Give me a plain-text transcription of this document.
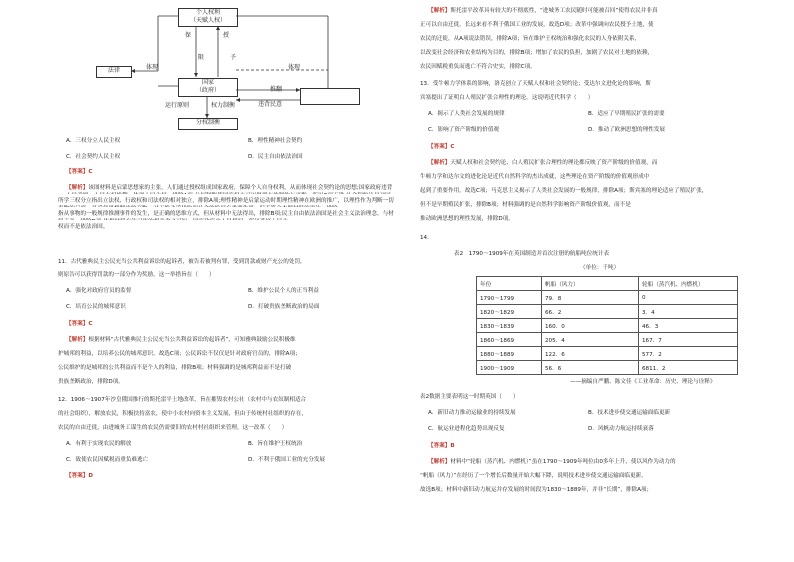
个人权利
（天赋人权）
保	授
限	予
法律	体现	体现
国家
（政府）	推翻
运行原则	权力制衡	违背民意
分权制衡
A．三权分立人民主权	B．理性精神社会契约
C．社会契约人民主权	D．民主自由依法治国
【答案】C
【解析】该图材料是启蒙思想家的主张，人们通过授权组成国家政府，保障个人自身权利，从而体现社会契约论的思想;国家政府违背
所学三权分立指出立法权、行政权和司法权的相对独立，排除A项;理性精神是启蒙运动时期理性精神在欧洲的推广，以理性作为判断一切
指从事物的一般规律推测事件的发生，是正确的思维方式，但从材料中无法得出，排除B项;民主自由依法治国是社会主义法治理念，与材
权而不是依法治国。
11．古代雅典民主公民充当公共利益诉讼的起诉者，被告若被判有罪，受到罚款或财产充公的处罚，
则原告可以获得罚款的一部分作为奖励，这一举措旨在（　　）
A．强化对政府官员的监督	B．维护公民个人的正当利益
C．培育公民的城邦意识	D．打破贵族垄断政治的局面
【答案】C
【解析】根据材料“古代雅典民主公民充当公共利益诉讼的起诉者”，可知雅典鼓励公民积极维
护城邦的利益，以培养公民的城邦意识，故选C项；公民诉讼不仅仅是针对政府官员的，排除A项；
公民维护的是城邦的公共利益而不是个人的利益，排除B项；材料强调的是城邦利益而不是打破
贵族垄断政治，排除D项。
12．1906～1907年沙皇俄国推行的斯托雷平土地改革，旨在摧毁农村公社（农村中与农奴制相适合
的社会组织），解放农民，积极扶持富农，使中小农村向资本主义发展，但由于传统村社组织的存在，
农民的自由迁徙，由进城务工谋生的农民仍需要旧的农村村社组织来管理，这一改革（　　）
A．有利于实现农民的解放	B．旨在维护王权统治
C．致使农民因赋税而重负难逃亡	D．不利于俄国工业的充分发展
【答案】D
【解析】斯托雷平改革具有较大的不彻底性，“进城务工农民随时可能被召回”使得农民并非真
正可以自由迁徙，长远来看不利于俄国工业的发展，故选D项；改革中强调向农民授予土地，使
农民的迁徙，从A项说法错误，排除A项；旨在维护王权统治和强化农民的人身依附关系，
以改变社会经济和农业结构为目的，排除B项；增加了农民的负担，加剧了农民对土地的依赖，
农民因赋税重负而逃亡不符合史实，排除C项。
13．受牛顿力学体系的影响，洛克创立了天赋人权和社会契约论；受达尔文进化论的影响，斯
宾塞提出了证明白人殖民扩张合理性的理论。这说明近代科学（　　）
A．揭示了人类社会发展的规律	B．适应了早期殖民扩张的需要
C．影响了资产阶级的价值观	D．推动了欧洲思想的理性发展
【答案】C
【解析】天赋人权和社会契约论、白人殖民扩张合理性的理论都反映了资产阶级的价值观，而
牛顿力学和达尔文的进化论是近代自然科学的杰出成就，这些理论在资产阶级的价值观形成中
起到了重要作用，故选C项；马克思主义揭示了人类社会发展的一般规律，排除A项；斯宾塞的理论适应了殖民扩张，
但不是早期殖民扩张，排除B项；材料强调的是自然科学影响资产阶级价值观，而不是
推动欧洲思想的理性发展，排除D项。
14．
表2　1790～1909年在英国制造并首次注册的航船吨位统计表
（单位：千吨）
年份	帆船（风力）	轮船（蒸汽机、内燃机）
1790～1799	79．8	0
1820～1829	66．2	3．4
1830～1839	160．0	46．3
1860～1869	205．4	167．7
1880～1889	122．6	577．2
1900～1909	56．6	6811．2
——摘编自严鹏、陈文佳《工业革命：历史、理论与诠释》
表2数据主要表明这一时期英国（　　）
A．新旧动力推动运输业的持续发展	B．技术进步使交通运输面临更新
C．航运业进程化趋势出现反复	D．风帆动力航运持续衰落
【答案】B
【解析】材料中“轮船（蒸汽机、内燃机）”虽在1790～1909年吨位由0多年上升，使以风作为动力的
“帆船（风力）”在经历了一个增长后数量开始大幅下降，说明技术进步使交通运输面临更新，
故选B项；材料中新旧动力航运并存发展的时间段为1830～1889年，并非“长期”，排除A项；
